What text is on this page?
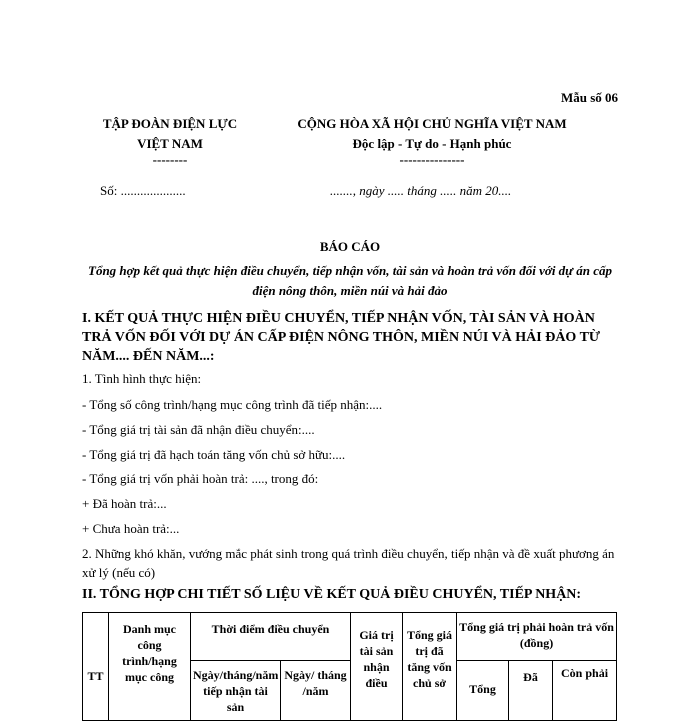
Mẫu số 06
TẬP ĐOÀN ĐIỆN LỰC
VIỆT NAM
--------
CỘNG HÒA XÃ HỘI CHỦ NGHĨA VIỆT NAM
Độc lập - Tự do - Hạnh phúc
---------------
Số: ....................	......., ngày ..... tháng ..... năm 20....
BÁO CÁO
Tổng hợp kết quả thực hiện điều chuyển, tiếp nhận vốn, tài sản và hoàn trả vốn đối với dự án cấp điện nông thôn, miền núi và hải đảo
I. KẾT QUẢ THỰC HIỆN ĐIỀU CHUYỂN, TIẾP NHẬN VỐN, TÀI SẢN VÀ HOÀN TRẢ VỐN ĐỐI VỚI DỰ ÁN CẤP ĐIỆN NÔNG THÔN, MIỀN NÚI VÀ HẢI ĐẢO TỪ NĂM.... ĐẾN NĂM...:
1. Tình hình thực hiện:
- Tổng số công trình/hạng mục công trình đã tiếp nhận:....
- Tổng giá trị tài sản đã nhận điều chuyển:....
- Tổng giá trị đã hạch toán tăng vốn chủ sở hữu:....
- Tổng giá trị vốn phải hoàn trả: ...., trong đó:
+ Đã hoàn trả:...
+ Chưa hoàn trả:...
2. Những khó khăn, vướng mắc phát sinh trong quá trình điều chuyển, tiếp nhận và đề xuất phương án xử lý (nếu có)
II. TỔNG HỢP CHI TIẾT SỐ LIỆU VỀ KẾT QUẢ ĐIỀU CHUYỂN, TIẾP NHẬN:
TT	Danh mục công trình/hạng mục công	Thời điểm điều chuyển		Giá trị tài sản nhận điều	Tổng giá trị đã tăng vốn chủ sở	Tổng giá trị phải hoàn trả vốn (đồng)		
		Ngày/tháng/năm tiếp nhận tài sản	Ngày/ tháng /năm			Tổng	Đã	Còn phải
